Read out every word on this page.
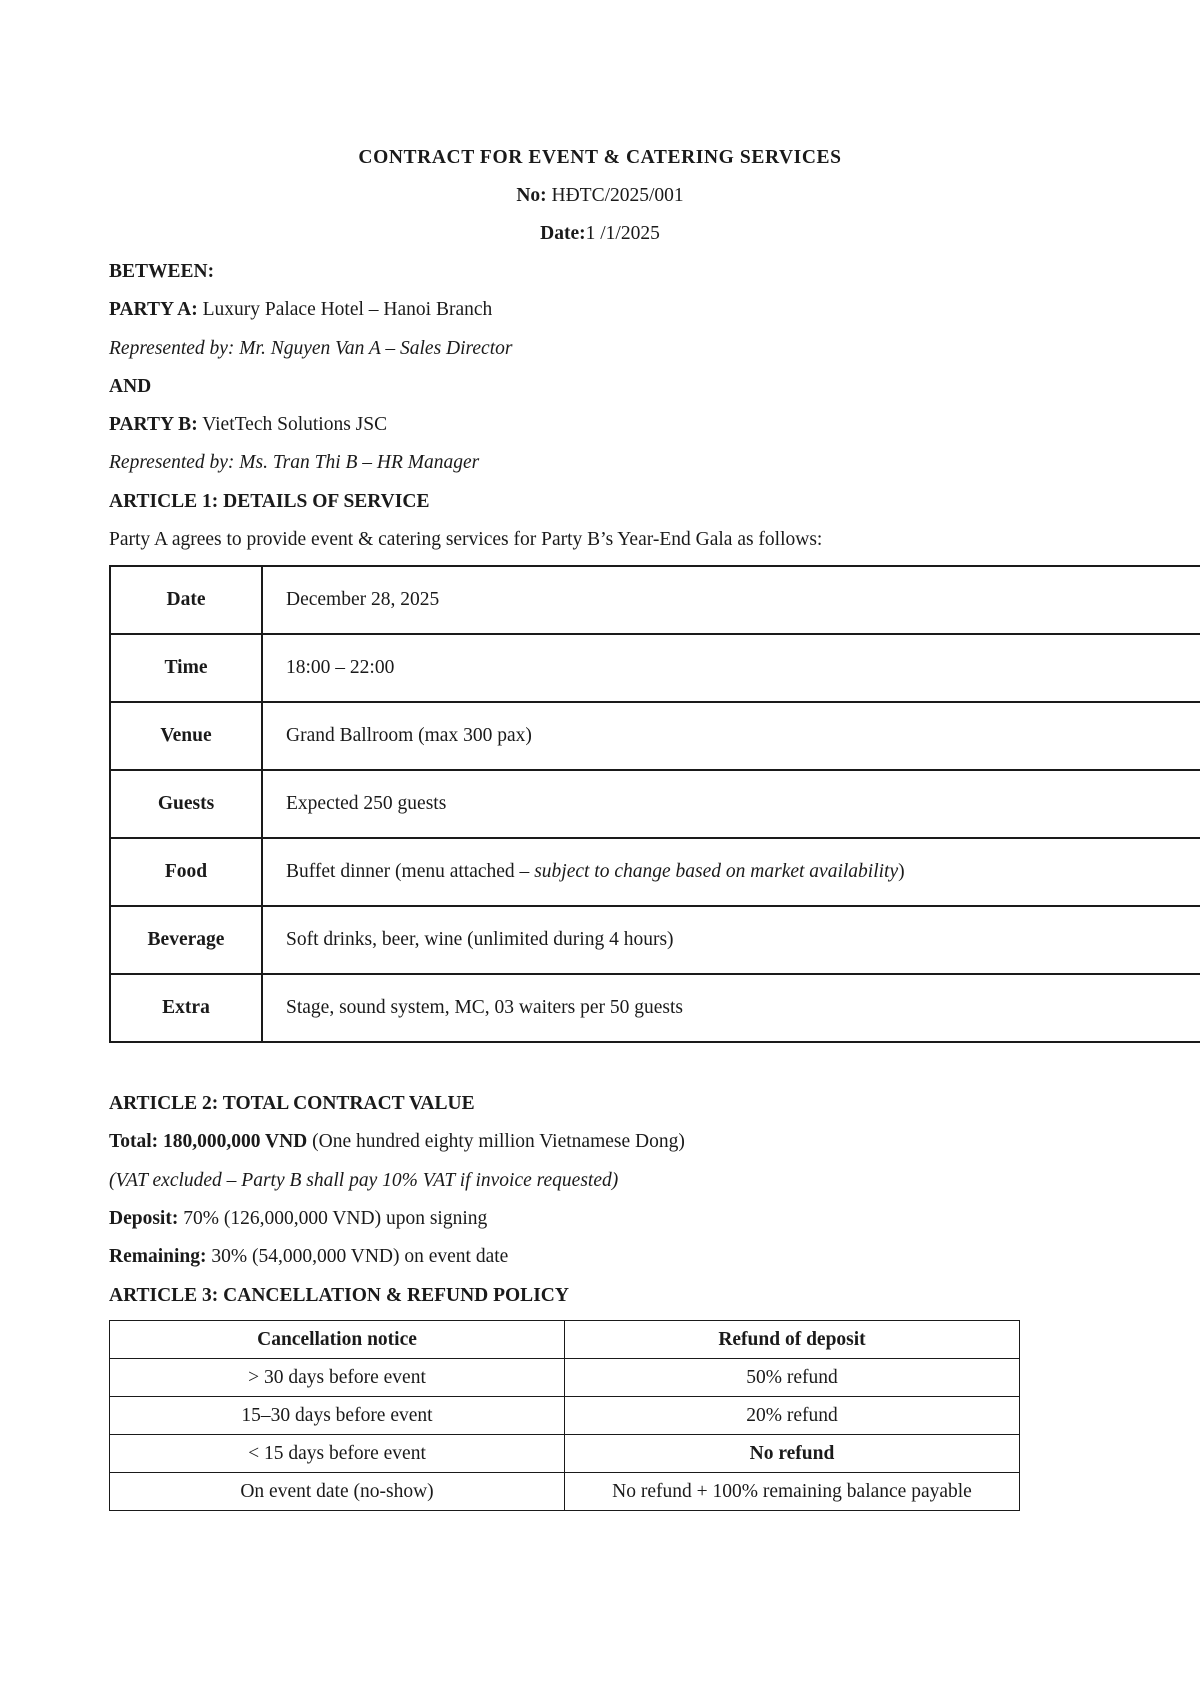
CONTRACT FOR EVENT & CATERING SERVICES
No: HĐTC/2025/001
Date:1 /1/2025
BETWEEN:
PARTY A: Luxury Palace Hotel – Hanoi Branch
Represented by: Mr. Nguyen Van A – Sales Director
AND
PARTY B: VietTech Solutions JSC
Represented by: Ms. Tran Thi B – HR Manager
ARTICLE 1: DETAILS OF SERVICE
Party A agrees to provide event & catering services for Party B’s Year-End Gala as follows:
Date	December 28, 2025
Time	18:00 – 22:00
Venue	Grand Ballroom (max 300 pax)
Guests	Expected 250 guests
Food	Buffet dinner (menu attached – subject to change based on market availability)
Beverage	Soft drinks, beer, wine (unlimited during 4 hours)
Extra	Stage, sound system, MC, 03 waiters per 50 guests
ARTICLE 2: TOTAL CONTRACT VALUE
Total: 180,000,000 VND (One hundred eighty million Vietnamese Dong)
(VAT excluded – Party B shall pay 10% VAT if invoice requested)
Deposit: 70% (126,000,000 VND) upon signing
Remaining: 30% (54,000,000 VND) on event date
ARTICLE 3: CANCELLATION & REFUND POLICY
Cancellation notice	Refund of deposit
> 30 days before event	50% refund
15–30 days before event	20% refund
< 15 days before event	No refund
On event date (no-show)	No refund + 100% remaining balance payable
